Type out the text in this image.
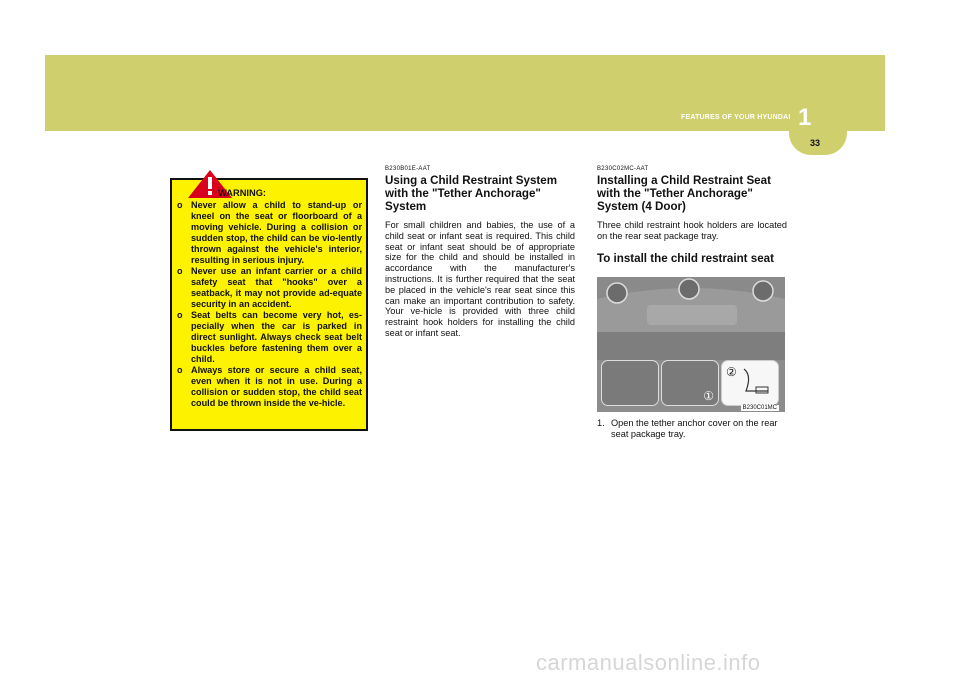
FEATURES OF YOUR HYUNDAI 1
33
WARNING:
o Never allow a child to stand-up or kneel on the seat or floorboard of a moving vehicle. During a collision or sudden stop, the child can be vio-lently thrown against the vehicle's interior, resulting in serious injury.
o Never use an infant carrier or a child safety seat that "hooks" over a seatback, it may not provide ad-equate security in an accident.
o Seat belts can become very hot, es-pecially when the car is parked in direct sunlight. Always check seat belt buckles before fastening them over a child.
o Always store or secure a child seat, even when it is not in use. During a collision or sudden stop, the child seat could be thrown inside the ve-hicle.
B230B01E-AAT
Using a Child Restraint System with the "Tether Anchorage" System

For small children and babies, the use of a child seat or infant seat is required. This child seat or infant seat should be of appropriate size for the child and should be installed in accordance with the manufacturer's instructions. It is further required that the seat be placed in the vehicle's rear seat since this can make an important contribution to safety. Your ve-hicle is provided with three child restraint hook holders for installing the child seat or infant seat.

B230C02MC-AAT
Installing a Child Restraint Seat with the "Tether Anchorage" System (4 Door)

Three child restraint hook holders are located on the rear seat package tray.

To install the child restraint seat
①
②
B230C01MC
1. Open the tether anchor cover on the rear seat package tray.
carmanualsonline.info
